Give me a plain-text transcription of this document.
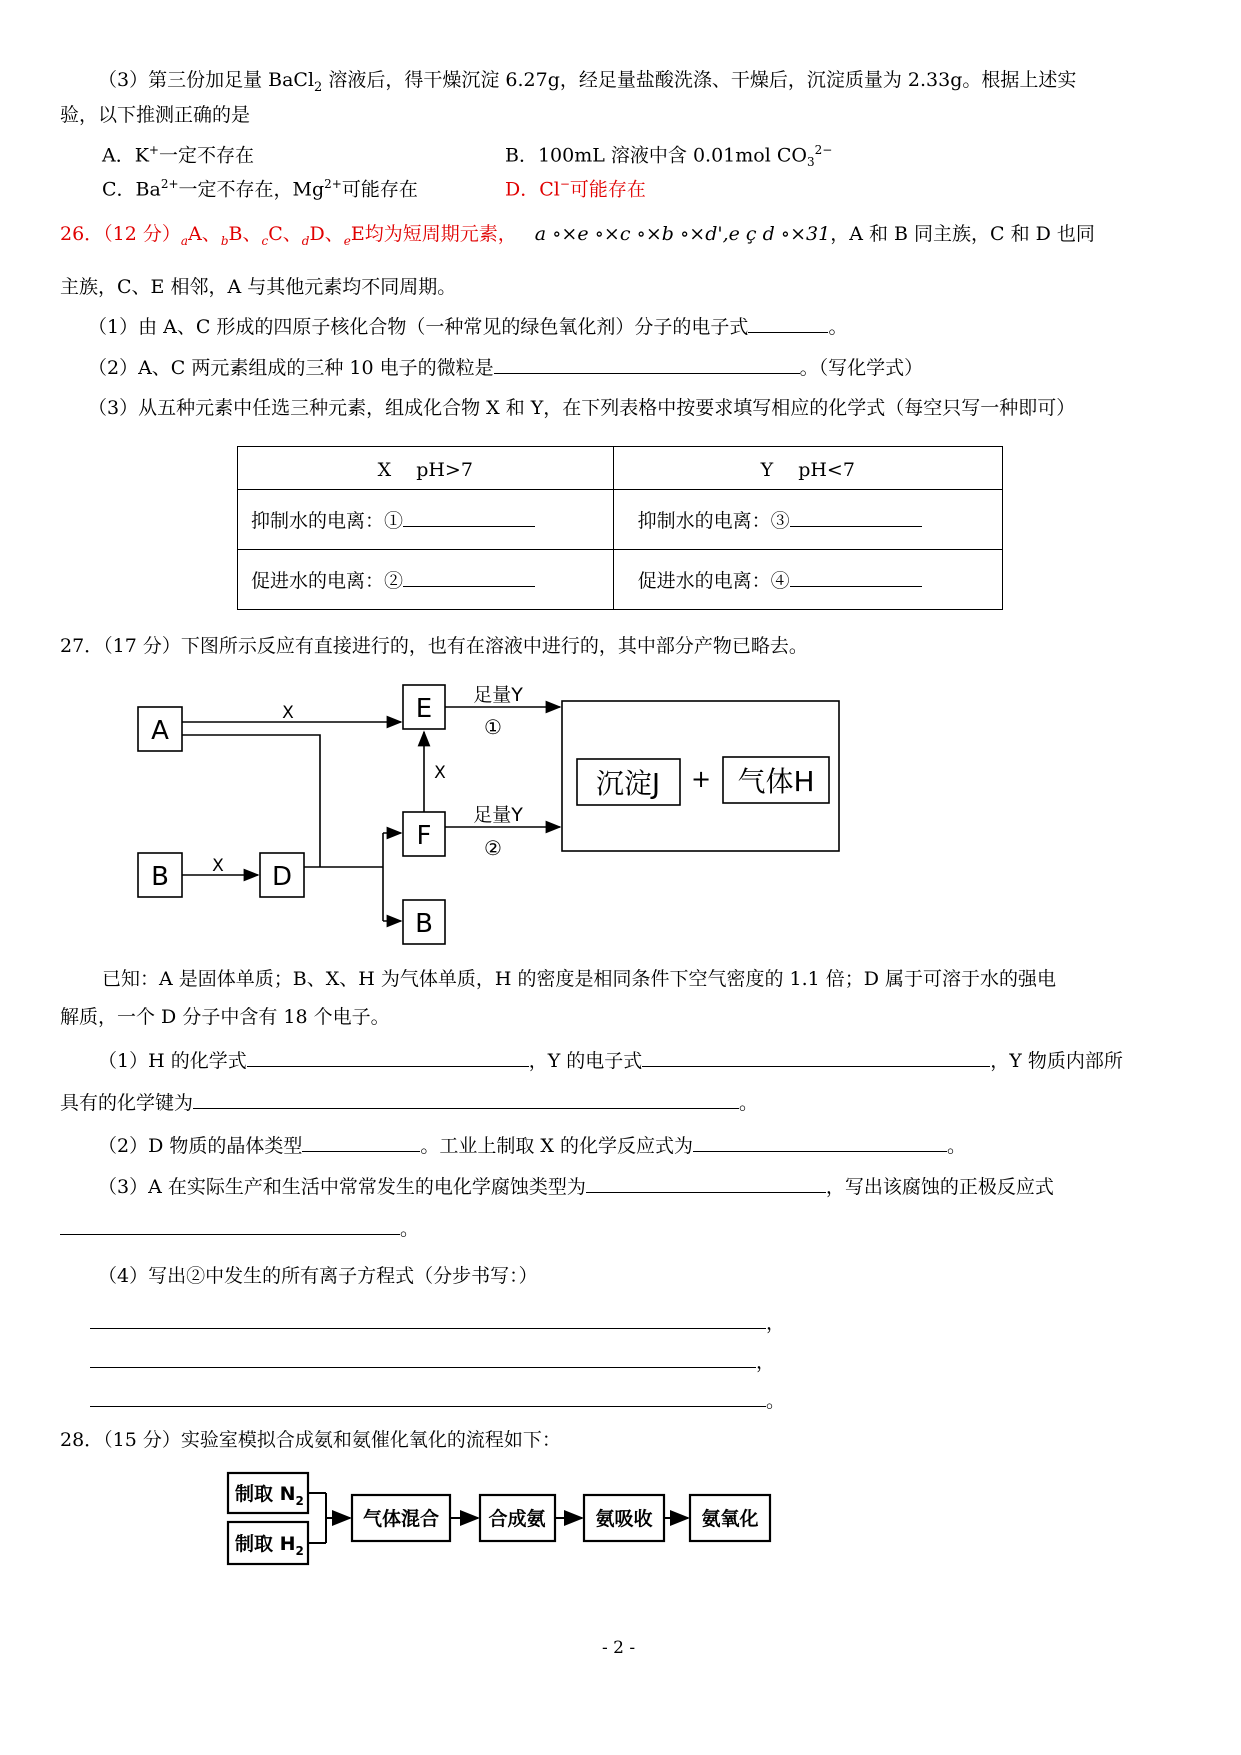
（3）第三份加足量 BaCl$_2$ 溶液后，得干燥沉淀 6.27g，经足量盐酸洗涤、干燥后，沉淀质量为 2.33g。根据上述实
验，以下推测正确的是
A．K+一定不存在	B．100mL 溶液中含 0.01mol $CO_3^{2-}$
C．$Ba^{2+}$一定不存在，$Mg^{2+}$可能存在	D．Cl−可能存在
26．（12 分）$_aA$、$_b$B、$_c$C、$_d$D、$_e$E均为短周期元素， a ∘×e ∘×c ∘×b ∘×d',e ç d ∘×31，A 和 B 同主族，C 和 D 也同
主族，C、E 相邻，A 与其他元素均不同周期。
（1）由 A、C 形成的四原子核化合物（一种常见的绿色氧化剂）分子的电子式	。
（2）A、C 两元素组成的三种 10 电子的微粒是	。（写化学式）
（3）从五种元素中任选三种元素，组成化合物 X 和 Y，在下列表格中按要求填写相应的化学式（每空只写一种即可）
X　 pH>7	Y　 pH<7
抑制水的电离：①	抑制水的电离：③
促进水的电离：②	促进水的电离：④
27．（17 分）下图所示反应有直接进行的，也有在溶液中进行的，其中部分产物已略去。
A
B	D
E
F
B
沉淀J + 气体H
X
X
X
足量Y
①
足量Y
②
已知：A 是固体单质；B、X、H 为气体单质，H 的密度是相同条件下空气密度的 1.1 倍；D 属于可溶于水的强电
解质，一个 D 分子中含有 18 个电子。
（1）H 的化学式	，Y 的电子式	，Y 物质内部所
具有的化学键为	。
（2）D 物质的晶体类型	。工业上制取 X 的化学反应式为	。
（3）A 在实际生产和生活中常常发生的电化学腐蚀类型为	，写出该腐蚀的正极反应式
。
（4）写出②中发生的所有离子方程式（分步书写：）
，
，
。
28．（15 分）实验室模拟合成氨和氨催化氧化的流程如下：
制取 $N_2$
制取 $H_2$
气体混合	合成氨	氨吸收	氨氧化
- 2 -
